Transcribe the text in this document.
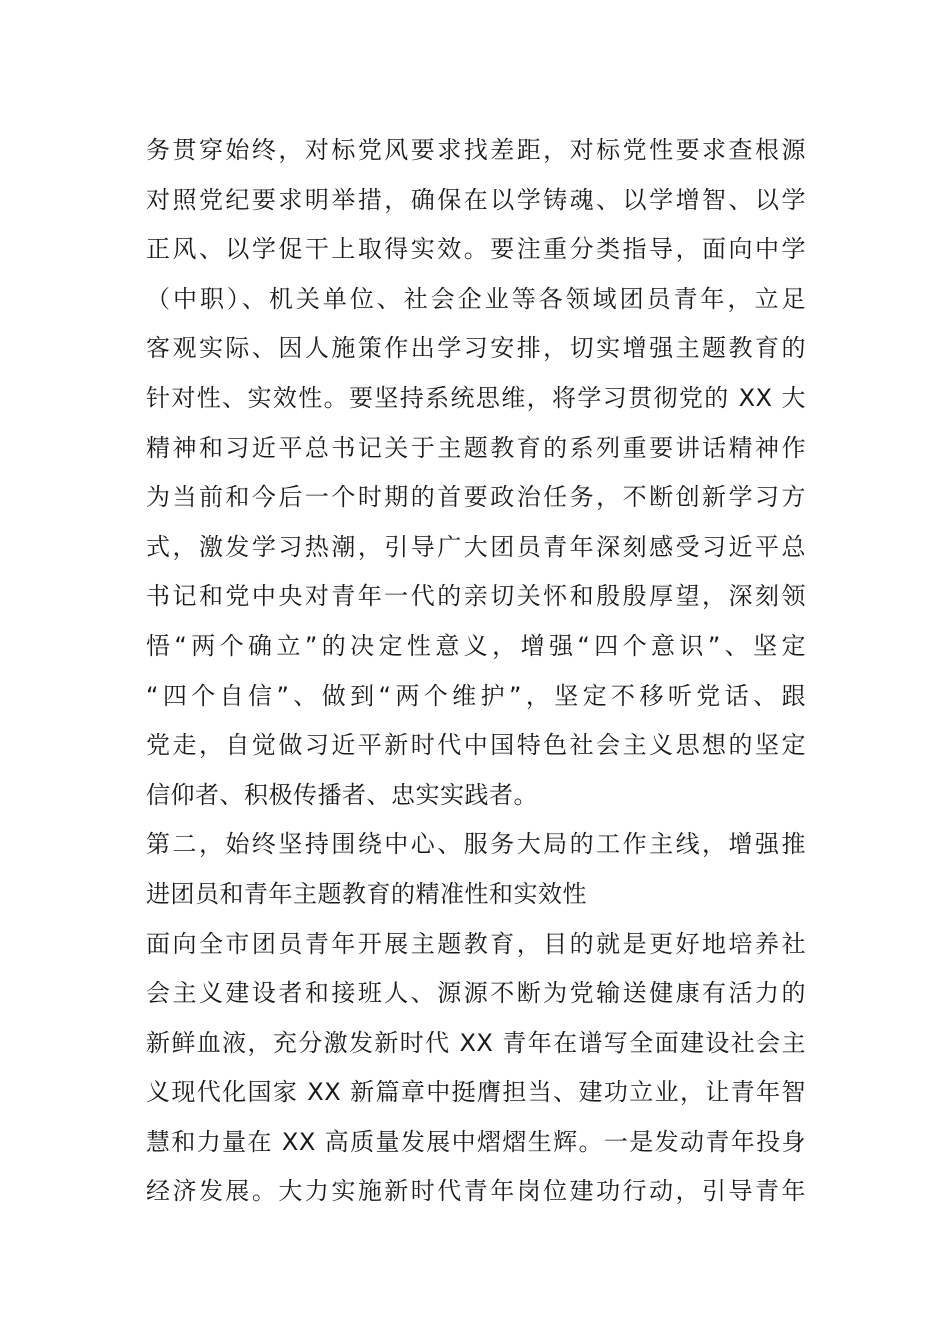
务贯穿始终，对标党风要求找差距，对标党性要求查根源
对照党纪要求明举措，确保在以学铸魂、以学增智、以学
正风、以学促干上取得实效。要注重分类指导，面向中学
（中职）、机关单位、社会企业等各领域团员青年，立足
客观实际、因人施策作出学习安排，切实增强主题教育的
针对性、实效性。要坚持系统思维，将学习贯彻党的 XX 大
精神和习近平总书记关于主题教育的系列重要讲话精神作
为当前和今后一个时期的首要政治任务，不断创新学习方
式，激发学习热潮，引导广大团员青年深刻感受习近平总
书记和党中央对青年一代的亲切关怀和殷殷厚望，深刻领
悟“两个确立”的决定性意义，增强“四个意识”、坚定
“四个自信”、做到“两个维护”，坚定不移听党话、跟
党走，自觉做习近平新时代中国特色社会主义思想的坚定
信仰者、积极传播者、忠实实践者。
第二，始终坚持围绕中心、服务大局的工作主线，增强推
进团员和青年主题教育的精准性和实效性
面向全市团员青年开展主题教育，目的就是更好地培养社
会主义建设者和接班人、源源不断为党输送健康有活力的
新鲜血液，充分激发新时代 XX 青年在谱写全面建设社会主
义现代化国家 XX 新篇章中挺膺担当、建功立业，让青年智
慧和力量在 XX 高质量发展中熠熠生辉。一是发动青年投身
经济发展。大力实施新时代青年岗位建功行动，引导青年
